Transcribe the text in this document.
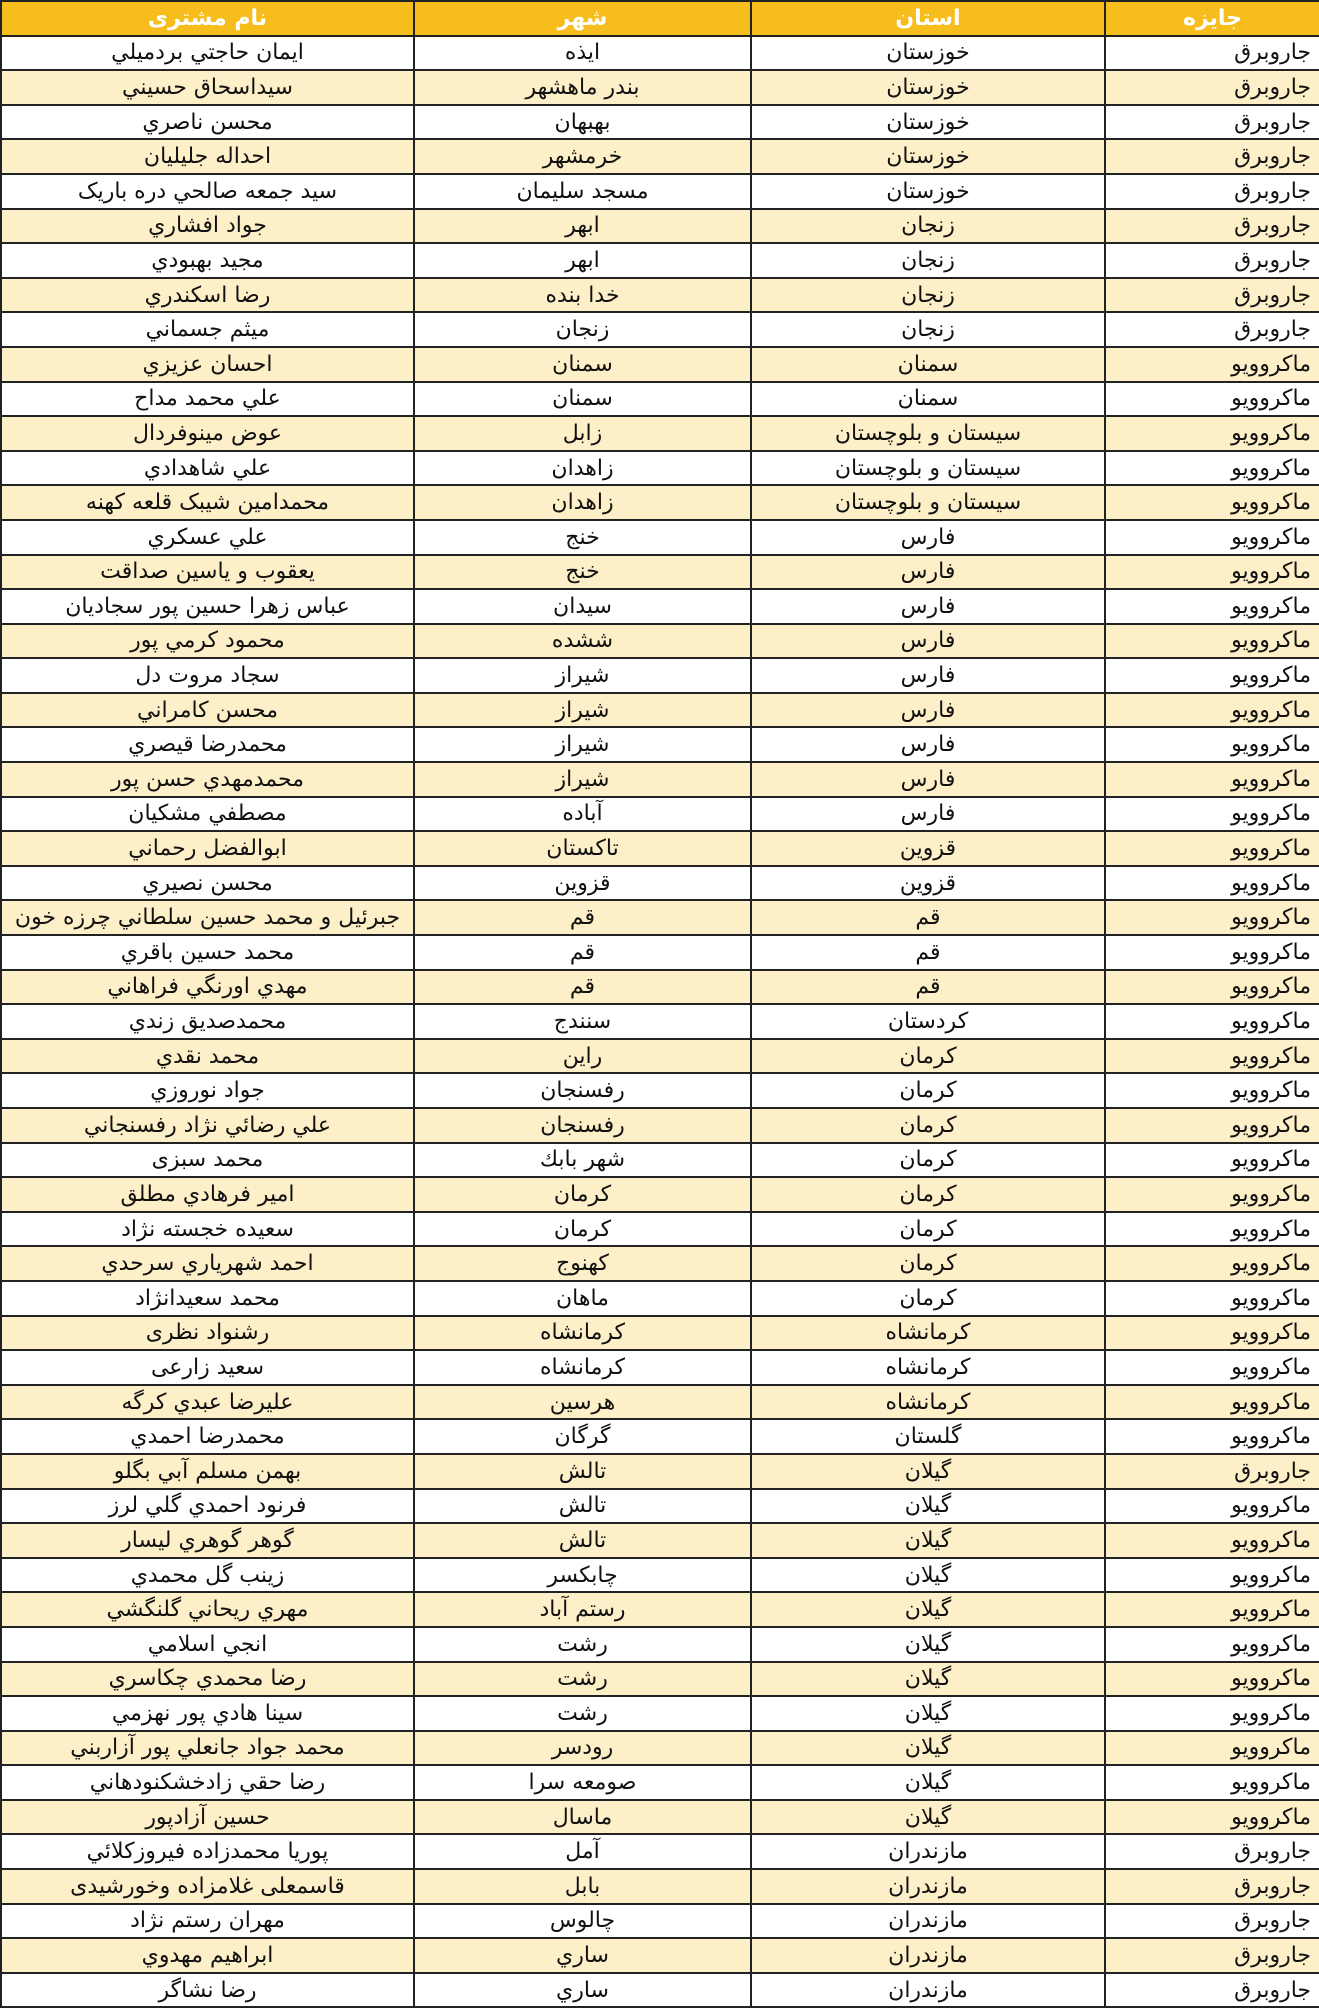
جایزه	استان	شهر	نام مشتری
جاروبرق	خوزستان	ايذه	ايمان حاجتي بردميلي
جاروبرق	خوزستان	بندر ماهشهر	سيداسحاق حسيني
جاروبرق	خوزستان	بهبهان	محسن ناصري
جاروبرق	خوزستان	خرمشهر	احداله جليليان
جاروبرق	خوزستان	مسجد سليمان	سيد جمعه صالحي دره باريک
جاروبرق	زنجان	ابهر	جواد افشاري
جاروبرق	زنجان	ابهر	مجيد بهبودي
جاروبرق	زنجان	خدا بنده	رضا اسكندري
جاروبرق	زنجان	زنجان	ميثم جسماني
ماکروویو	سمنان	سمنان	احسان عزيزي
ماکروویو	سمنان	سمنان	علي محمد مداح
ماکروویو	سيستان و بلوچستان	زابل	عوض مينوفردال
ماکروویو	سيستان و بلوچستان	زاهدان	علي شاهدادي
ماکروویو	سيستان و بلوچستان	زاهدان	محمدامين شيبک قلعه کهنه
ماکروویو	فارس	خنج	علي عسكري
ماکروویو	فارس	خنج	يعقوب و ياسين صداقت
ماکروویو	فارس	سيدان	عباس زهرا حسين پور سجاديان
ماکروویو	فارس	ششده	محمود کرمي پور
ماکروویو	فارس	شيراز	سجاد مروت دل
ماکروویو	فارس	شيراز	محسن كامراني
ماکروویو	فارس	شيراز	محمدرضا قيصري
ماکروویو	فارس	شيراز	محمدمهدي حسن پور
ماکروویو	فارس	آباده	مصطفي مشكيان
ماکروویو	قزوين	تاكستان	ابوالفضل رحماني
ماکروویو	قزوين	قزوين	محسن نصيري
ماکروویو	قم	قم	جبرئيل و محمد حسين سلطاني چرزه خون
ماکروویو	قم	قم	محمد حسين باقري
ماکروویو	قم	قم	مهدي اورنگي فراهاني
ماکروویو	كردستان	سنندج	محمدصديق زندي
ماکروویو	كرمان	راين	محمد نقدي
ماکروویو	كرمان	رفسنجان	جواد نوروزي
ماکروویو	كرمان	رفسنجان	علي رضائي نژاد رفسنجاني
ماکروویو	كرمان	شهر بابك	محمد سبزی
ماکروویو	كرمان	كرمان	امير فرهادي مطلق
ماکروویو	كرمان	كرمان	سعيده خجسته نژاد
ماکروویو	كرمان	كهنوج	احمد شهرياري سرحدي
ماکروویو	كرمان	ماهان	محمد سعيدانژاد
ماکروویو	كرمانشاه	كرمانشاه	رشنواد نظری
ماکروویو	كرمانشاه	كرمانشاه	سعيد زارعی
ماکروویو	كرمانشاه	هرسين	عليرضا عبدي کرگه
ماکروویو	گلستان	گرگان	محمدرضا احمدي
جاروبرق	گيلان	تالش	بهمن مسلم آبي بگلو
ماکروویو	گيلان	تالش	فرنود احمدي گلي لرز
ماکروویو	گيلان	تالش	گوهر گوهري ليسار
ماکروویو	گيلان	چابكسر	زينب گل محمدي
ماکروویو	گيلان	رستم آباد	مهري ريحاني گلنگشي
ماکروویو	گيلان	رشت	انجي اسلامي
ماکروویو	گيلان	رشت	رضا محمدي چكاسري
ماکروویو	گيلان	رشت	سينا هادي پور نهزمي
ماکروویو	گيلان	رودسر	محمد جواد جانعلي پور آزاربني
ماکروویو	گيلان	صومعه سرا	رضا حقي زادخشكنودهاني
ماکروویو	گيلان	ماسال	حسين آزادپور
جاروبرق	مازندران	آمل	پوريا محمدزاده فيروزکلائي
جاروبرق	مازندران	بابل	قاسمعلی غلامزاده وخورشیدی
جاروبرق	مازندران	چالوس	مهران رستم نژاد
جاروبرق	مازندران	ساري	ابراهيم مهدوي
جاروبرق	مازندران	ساري	رضا نشاگر
